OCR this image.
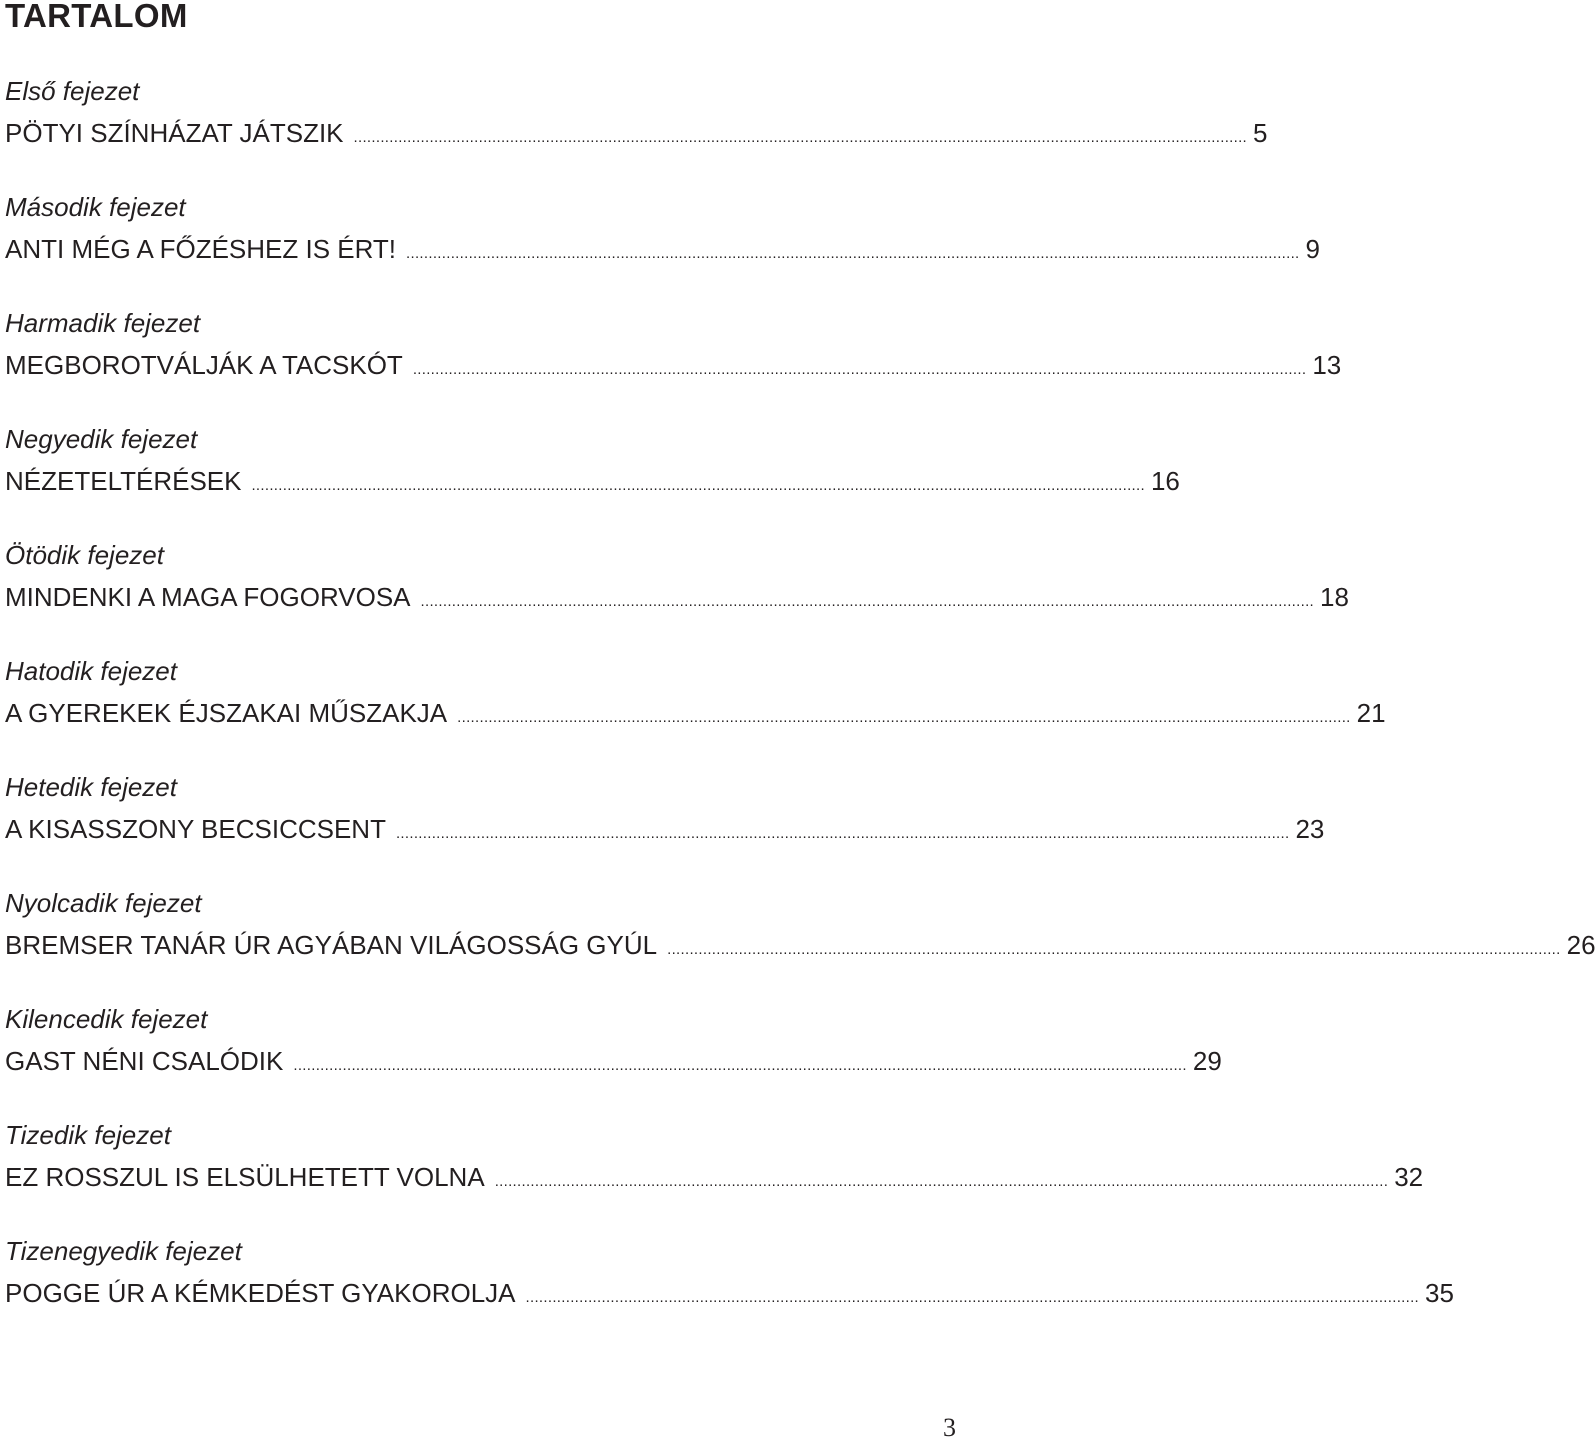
TARTALOM
Első fejezet
PÖTYI SZÍNHÁZAT JÁTSZIK ........................................................................................................................................................................................................ 5
Második fejezet
ANTI MÉG A FŐZÉSHEZ IS ÉRT! ........................................................................................................................................................................................................ 9
Harmadik fejezet
MEGBOROTVÁLJÁK A TACSKÓT ........................................................................................................................................................................................................ 13
Negyedik fejezet
NÉZETELTÉRÉSEK ........................................................................................................................................................................................................ 16
Ötödik fejezet
MINDENKI A MAGA FOGORVOSA ........................................................................................................................................................................................................ 18
Hatodik fejezet
A GYEREKEK ÉJSZAKAI MŰSZAKJA ........................................................................................................................................................................................................ 21
Hetedik fejezet
A KISASSZONY BECSICCSENT ........................................................................................................................................................................................................ 23
Nyolcadik fejezet
BREMSER TANÁR ÚR AGYÁBAN VILÁGOSSÁG GYÚL ........................................................................................................................................................................................................ 26
Kilencedik fejezet
GAST NÉNI CSALÓDIK ........................................................................................................................................................................................................ 29
Tizedik fejezet
EZ ROSSZUL IS ELSÜLHETETT VOLNA ........................................................................................................................................................................................................ 32
Tizenegyedik fejezet
POGGE ÚR A KÉMKEDÉST GYAKOROLJA ........................................................................................................................................................................................................ 35
3
